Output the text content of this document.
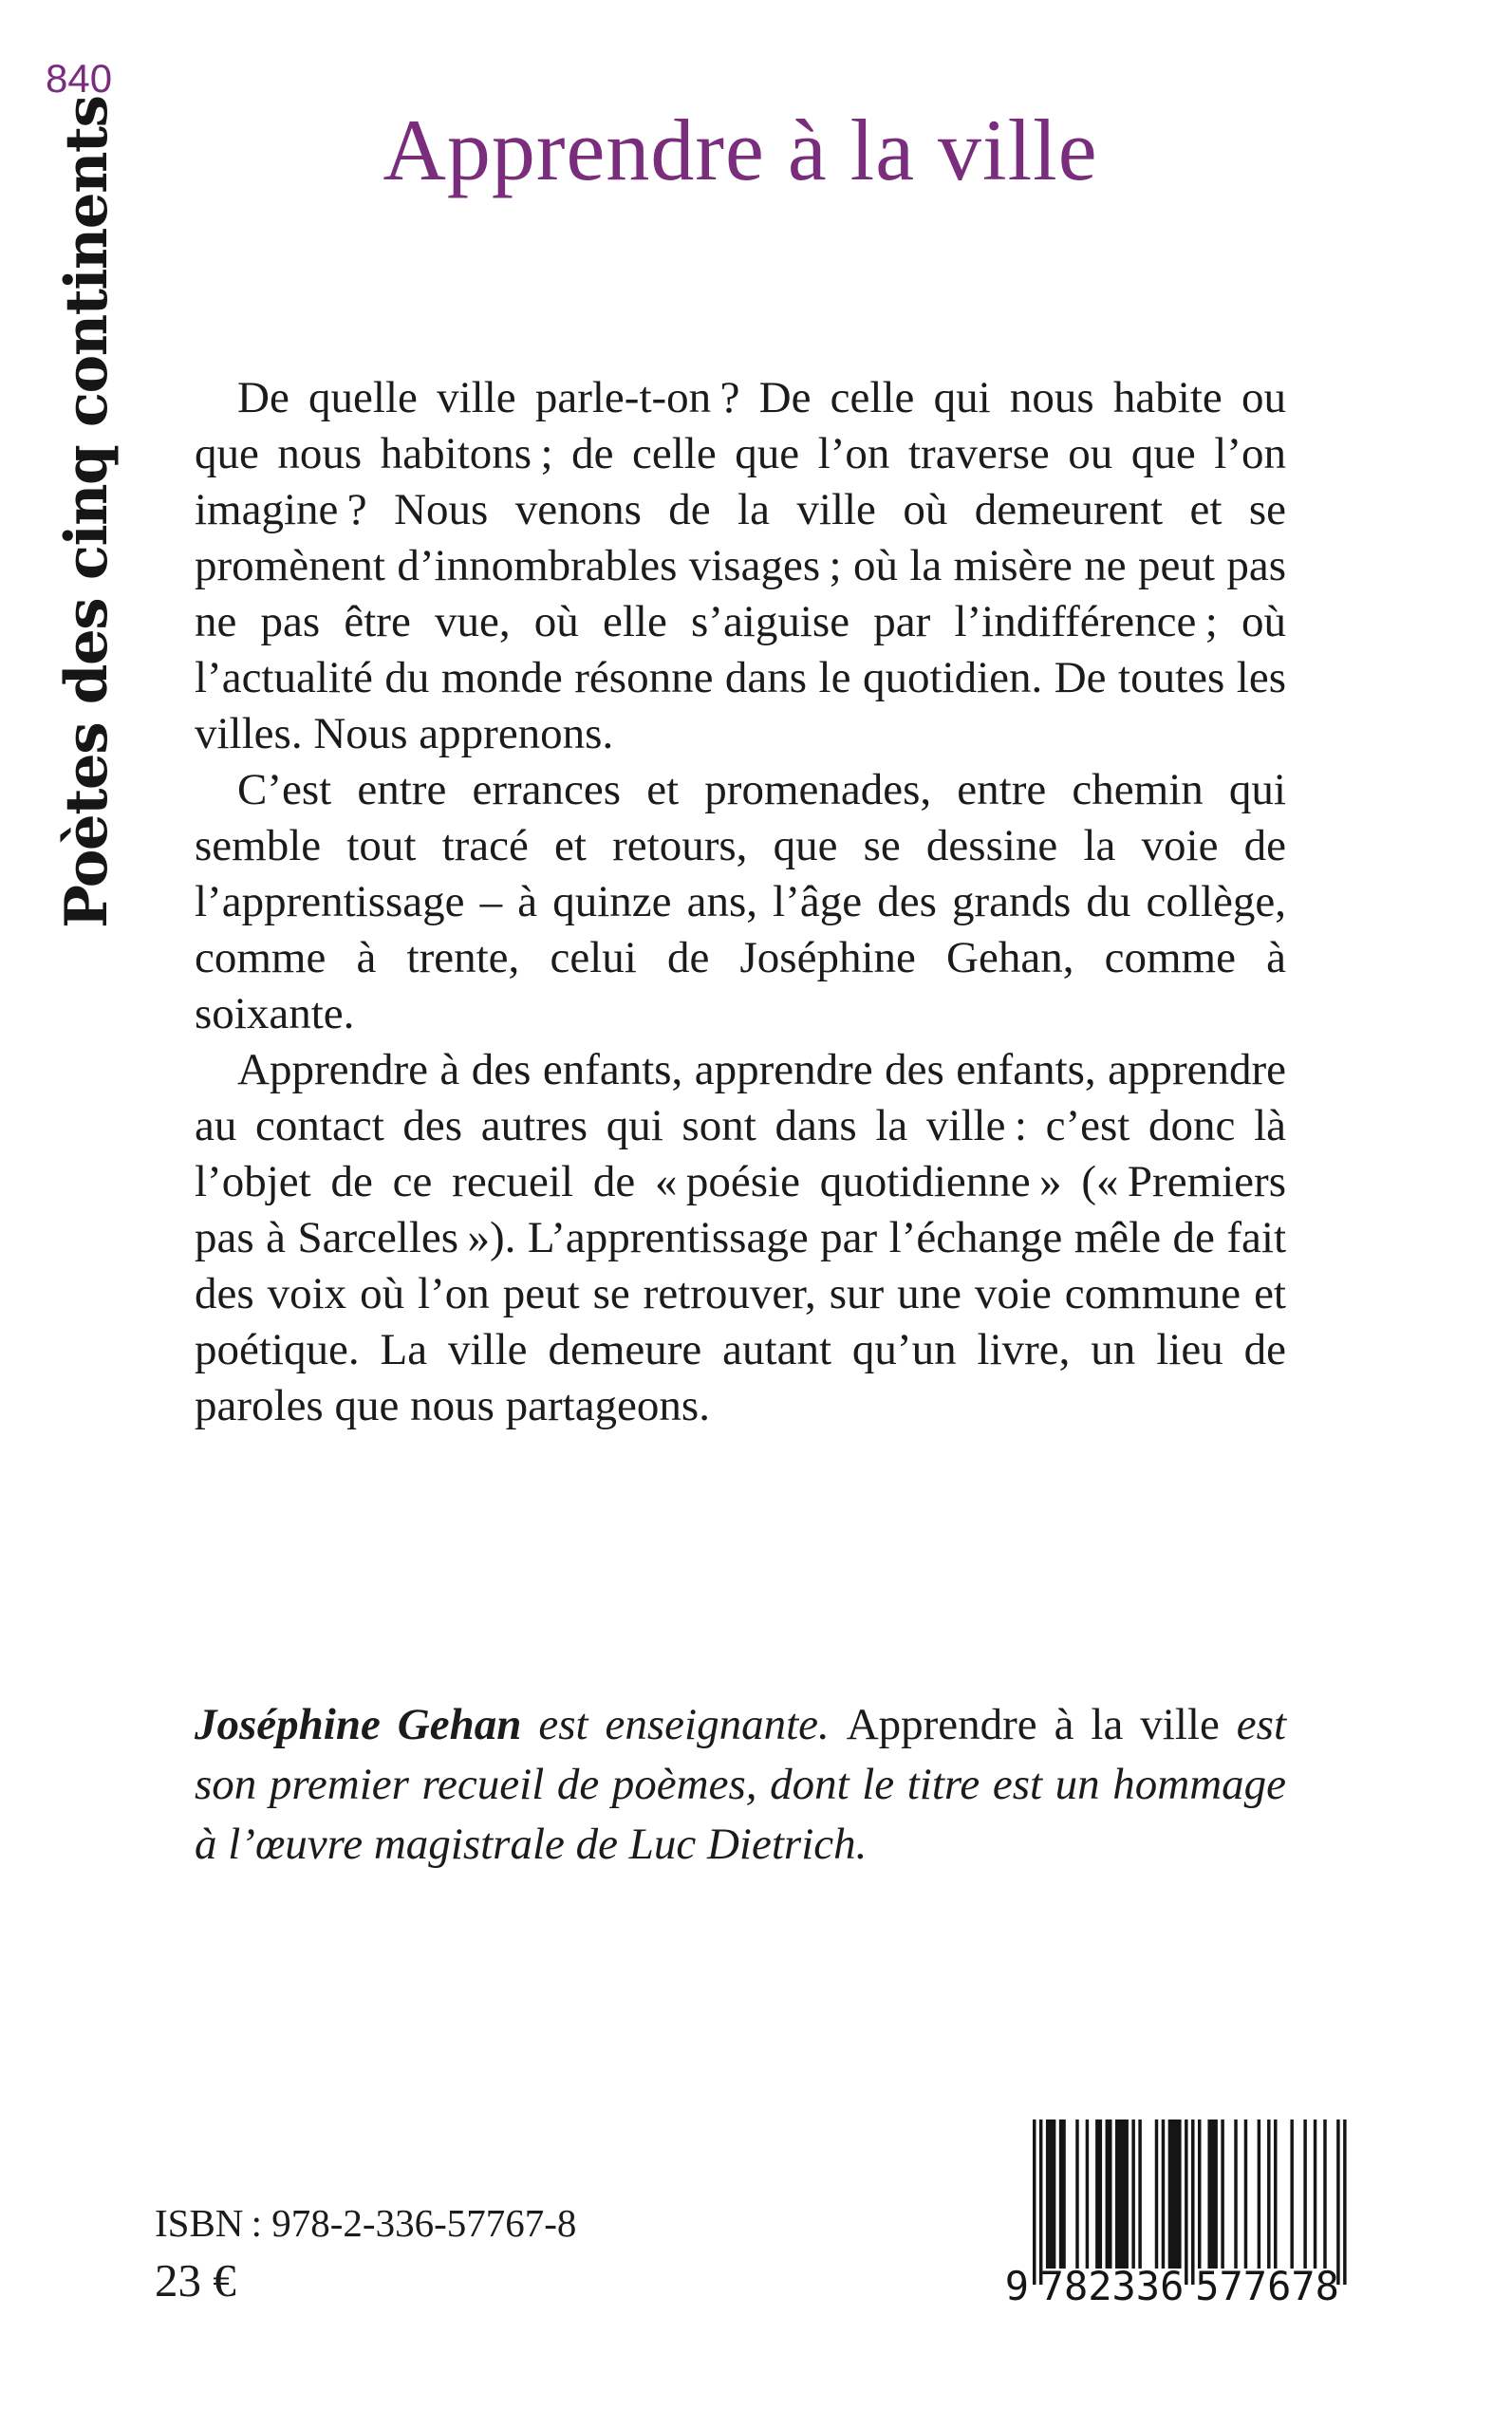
840
Poètes des cinq continents	Apprendre à la ville

De quelle ville parle-t-on ? De celle qui nous habite ou que nous habitons ; de celle que l’on traverse ou que l’on imagine ? Nous venons de la ville où demeurent et se promènent d’innombrables visages ; où la misère ne peut pas ne pas être vue, où elle s’aiguise par l’indifférence ; où l’actualité du monde résonne dans le quotidien. De toutes les villes. Nous apprenons.

C’est entre errances et promenades, entre chemin qui semble tout tracé et retours, que se dessine la voie de l’apprentissage – à quinze ans, l’âge des grands du collège, comme à trente, celui de Joséphine Gehan, comme à soixante.

Apprendre à des enfants, apprendre des enfants, apprendre au contact des autres qui sont dans la ville : c’est donc là l’objet de ce recueil de « poésie quotidienne » (« Premiers pas à Sarcelles »). L’apprentissage par l’échange mêle de fait des voix où l’on peut se retrouver, sur une voie commune et poétique. La ville demeure autant qu’un livre, un lieu de paroles que nous partageons.

Joséphine Gehan est enseignante. Apprendre à la ville est son premier recueil de poèmes, dont le titre est un hommage à l’œuvre magistrale de Luc Dietrich.

ISBN : 978-2-336-57767-8
23 €	9 782336 577678
